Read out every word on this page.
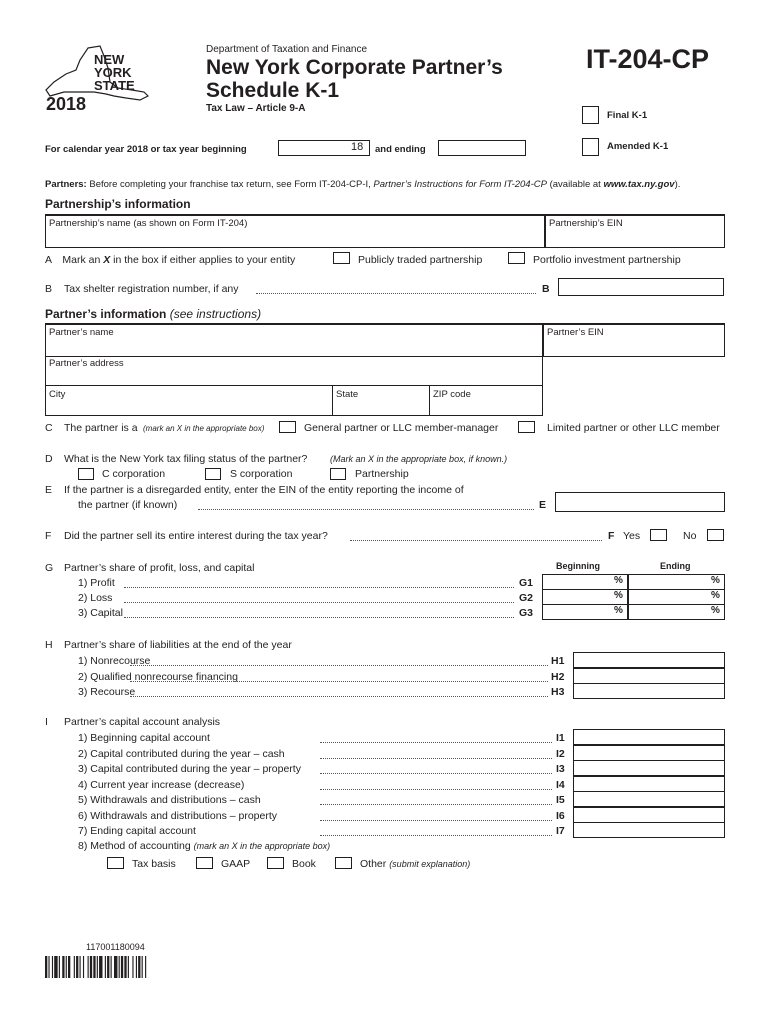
NEW
YORK
STATE
2018
Department of Taxation and Finance
New York Corporate Partner’s
Schedule K-1
Tax Law – Article 9-A
IT-204-CP
Final K-1
Amended K-1
For calendar year 2018 or tax year beginning	18 and ending
Partners: Before completing your franchise tax return, see Form IT-204-CP-I, Partner’s Instructions for Form IT-204-CP (available at www.tax.ny.gov).
Partnership’s information
Partnership’s name (as shown on Form IT-204)	Partnership’s EIN
A Mark an X in the box if either applies to your entity	Publicly traded partnership	Portfolio investment partnership
B Tax shelter registration number, if any	B
Partner’s information (see instructions)
Partner’s name	Partner’s EIN
Partner’s address
City	State	ZIP code
C The partner is a (mark an X in the appropriate box)	General partner or LLC member-manager	Limited partner or other LLC member
D What is the New York tax filing status of the partner?	(Mark an X in the appropriate box, if known.)
C corporation	S corporation	Partnership
E If the partner is a disregarded entity, enter the EIN of the entity reporting the income of
the partner (if known)	E
F Did the partner sell its entire interest during the tax year?	F Yes	No
G Partner’s share of profit, loss, and capital	Beginning	Ending
1) Profit	G1	%	%
2) Loss	G2	%	%
3) Capital	G3	%	%
H Partner’s share of liabilities at the end of the year
1) Nonrecourse	H1
2) Qualified nonrecourse financing	H2
3) Recourse	H3
I Partner’s capital account analysis
1) Beginning capital account	I1
2) Capital contributed during the year – cash	I2
3) Capital contributed during the year – property	I3
4) Current year increase (decrease)	I4
5) Withdrawals and distributions – cash	I5
6) Withdrawals and distributions – property	I6
7) Ending capital account	I7
8) Method of accounting (mark an X in the appropriate box)
Tax basis	GAAP	Book	Other (submit explanation)
117001180094
